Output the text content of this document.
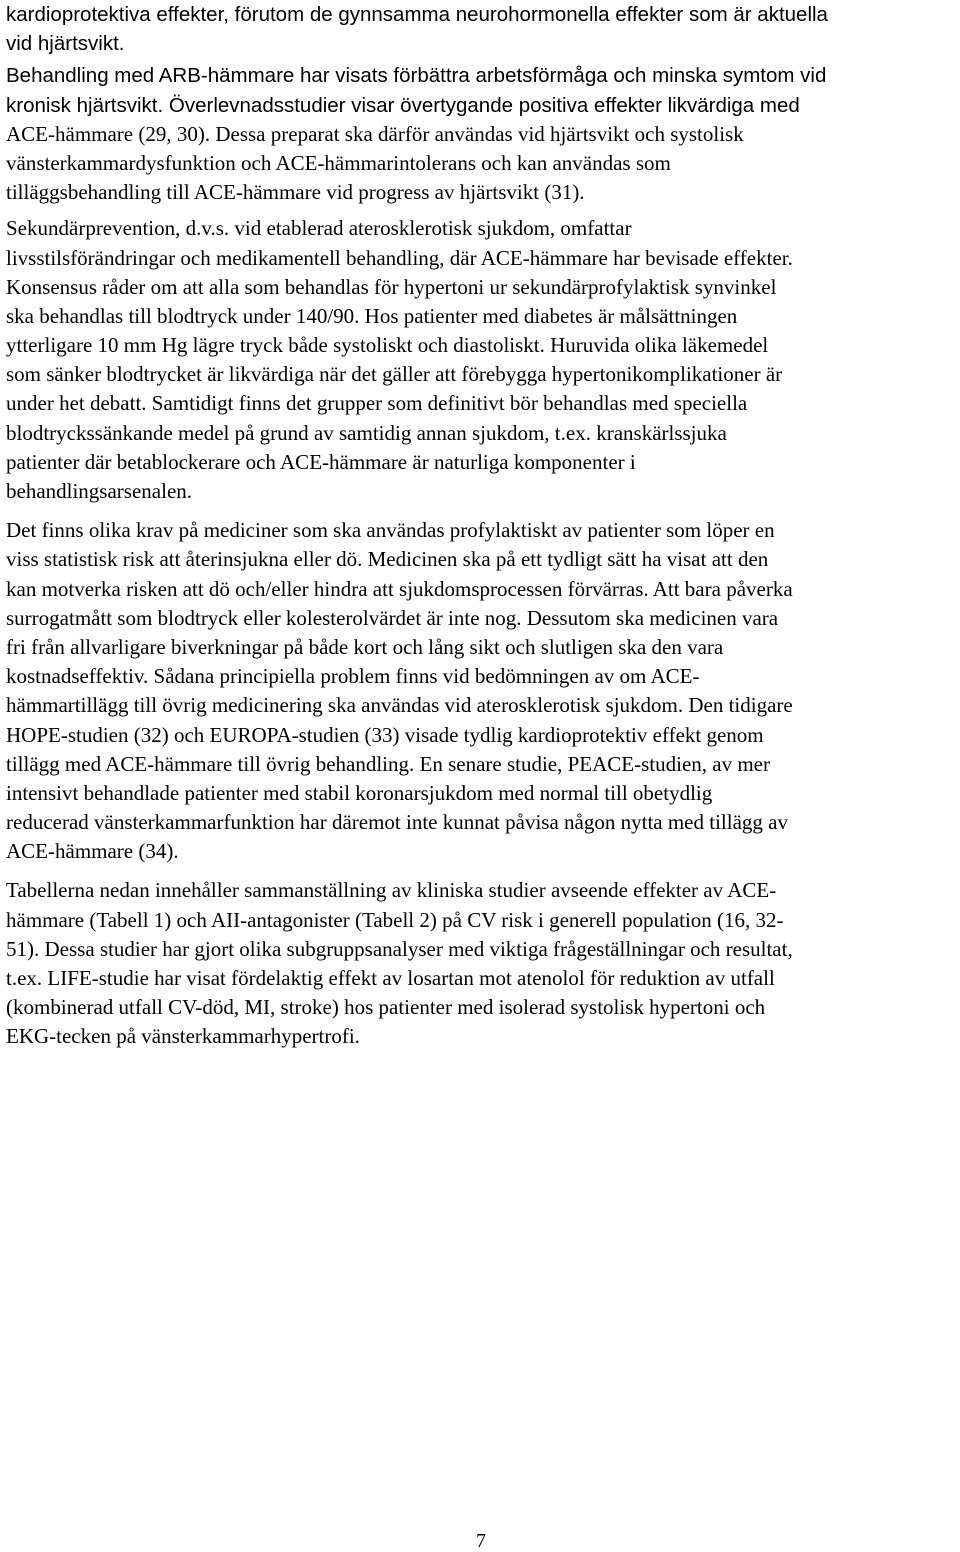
kardioprotektiva effekter, förutom de gynnsamma neurohormonella effekter som är aktuella
vid hjärtsvikt.
Behandling med ARB-hämmare har visats förbättra arbetsförmåga och minska symtom vid
kronisk hjärtsvikt. Överlevnadsstudier visar övertygande positiva effekter likvärdiga med
ACE-hämmare (29, 30). Dessa preparat ska därför användas vid hjärtsvikt och systolisk
vänsterkammardysfunktion och ACE-hämmarintolerans och kan användas som
tilläggsbehandling till ACE-hämmare vid progress av hjärtsvikt (31).
Sekundärprevention, d.v.s. vid etablerad aterosklerotisk sjukdom, omfattar
livsstilsförändringar och medikamentell behandling, där ACE-hämmare har bevisade effekter.
Konsensus råder om att alla som behandlas för hypertoni ur sekundärprofylaktisk synvinkel
ska behandlas till blodtryck under 140/90. Hos patienter med diabetes är målsättningen
ytterligare 10 mm Hg lägre tryck både systoliskt och diastoliskt. Huruvida olika läkemedel
som sänker blodtrycket är likvärdiga när det gäller att förebygga hypertonikomplikationer är
under het debatt. Samtidigt finns det grupper som definitivt bör behandlas med speciella
blodtryckssänkande medel på grund av samtidig annan sjukdom, t.ex. kranskärlssjuka
patienter där betablockerare och ACE-hämmare är naturliga komponenter i
behandlingsarsenalen.
Det finns olika krav på mediciner som ska användas profylaktiskt av patienter som löper en
viss statistisk risk att återinsjukna eller dö. Medicinen ska på ett tydligt sätt ha visat att den
kan motverka risken att dö och/eller hindra att sjukdomsprocessen förvärras. Att bara påverka
surrogatmått som blodtryck eller kolesterolvärdet är inte nog. Dessutom ska medicinen vara
fri från allvarligare biverkningar på både kort och lång sikt och slutligen ska den vara
kostnadseffektiv. Sådana principiella problem finns vid bedömningen av om ACE-
hämmartillägg till övrig medicinering ska användas vid aterosklerotisk sjukdom. Den tidigare
HOPE-studien (32) och EUROPA-studien (33) visade tydlig kardioprotektiv effekt genom
tillägg med ACE-hämmare till övrig behandling. En senare studie, PEACE-studien, av mer
intensivt behandlade patienter med stabil koronarsjukdom med normal till obetydlig
reducerad vänsterkammarfunktion har däremot inte kunnat påvisa någon nytta med tillägg av
ACE-hämmare (34).
Tabellerna nedan innehåller sammanställning av kliniska studier avseende effekter av ACE-
hämmare (Tabell 1) och AII-antagonister (Tabell 2) på CV risk i generell population (16, 32-
51). Dessa studier har gjort olika subgruppsanalyser med viktiga frågeställningar och resultat,
t.ex. LIFE-studie har visat fördelaktig effekt av losartan mot atenolol för reduktion av utfall
(kombinerad utfall CV-död, MI, stroke) hos patienter med isolerad systolisk hypertoni och
EKG-tecken på vänsterkammarhypertrofi.
7
